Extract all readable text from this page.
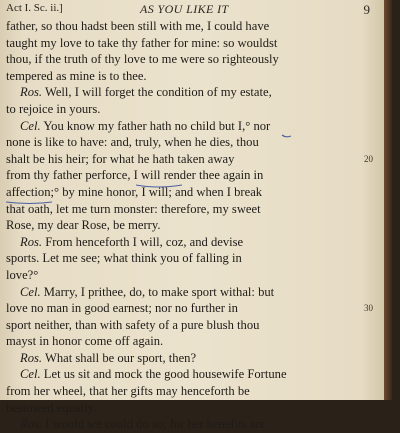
Act I. Sc. ii.]	AS YOU LIKE IT	9
father, so thou hadst been still with me, I could have
taught my love to take thy father for mine: so wouldst
thou, if the truth of thy love to me were so righteously
tempered as mine is to thee.
Ros. Well, I will forget the condition of my estate,
to rejoice in yours.
Cel. You know my father hath no child but I,° nor
none is like to have: and, truly, when he dies, thou
shalt be his heir; for what he hath taken away
from thy father perforce, I will render thee again in
affection;° by mine honor, I will; and when I break
that oath, let me turn monster: therefore, my sweet
Rose, my dear Rose, be merry.
Ros. From henceforth I will, coz, and devise
sports. Let me see; what think you of falling in
love?°
Cel. Marry, I prithee, do, to make sport withal: but
love no man in good earnest; nor no further in
sport neither, than with safety of a pure blush thou
mayst in honor come off again.
Ros. What shall be our sport, then?
Cel. Let us sit and mock the good housewife Fortune
from her wheel, that her gifts may henceforth be
bestowed equally.
Ros. I would we could do so; for her benefits are
20
30
